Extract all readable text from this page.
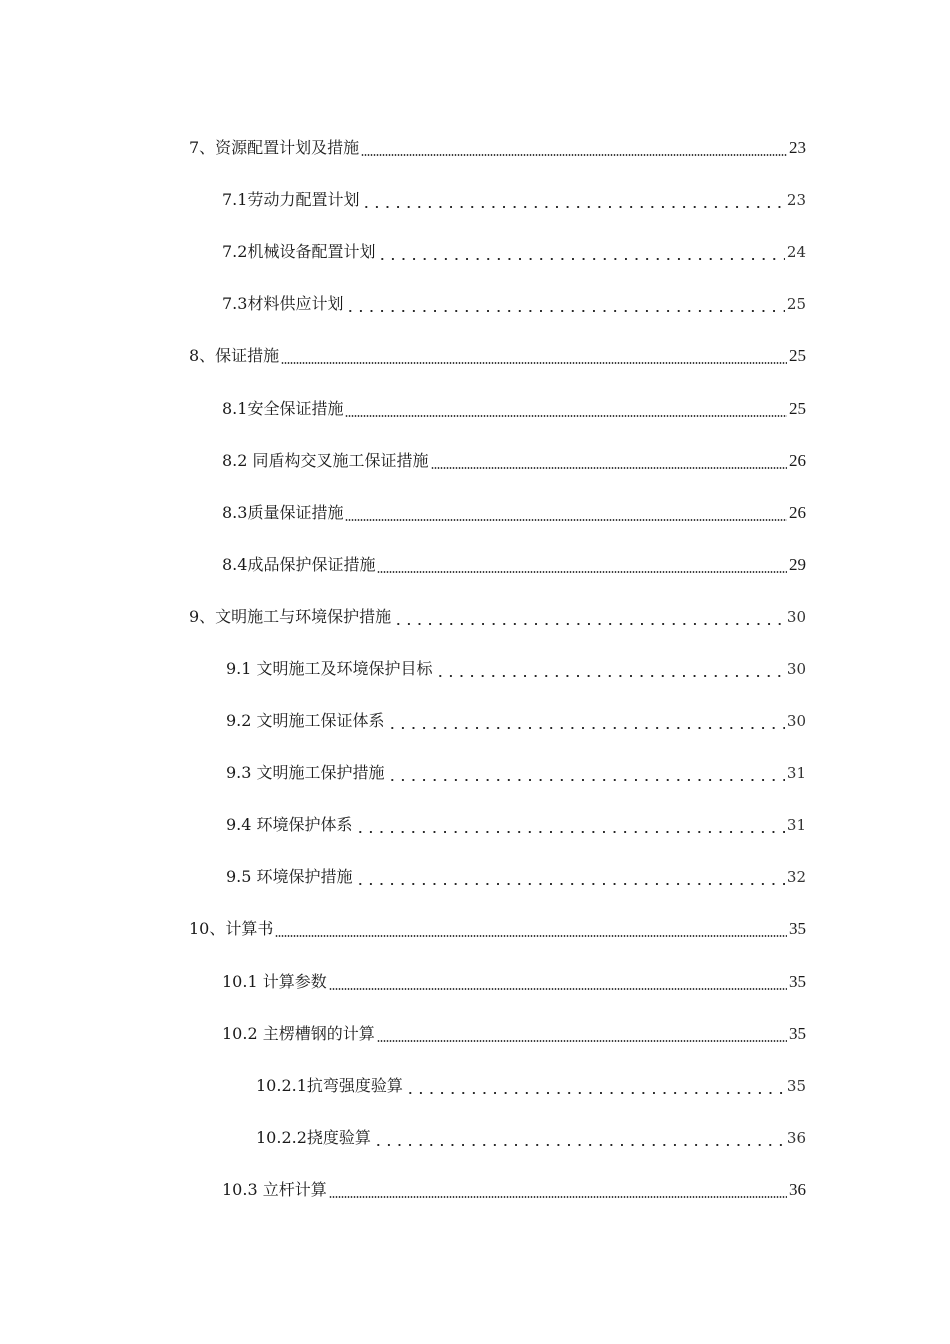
7、资源配置计划及措施	23
7.1劳动力配置计划	23
7.2机械设备配置计划	24
7.3材料供应计划	25
8、保证措施	25
8.1安全保证措施	25
8.2 同盾构交叉施工保证措施	26
8.3质量保证措施	26
8.4成品保护保证措施	29
9、文明施工与环境保护措施	30
9.1 文明施工及环境保护目标	30
9.2 文明施工保证体系	30
9.3 文明施工保护措施	31
9.4 环境保护体系	31
9.5 环境保护措施	32
10、计算书	35
10.1 计算参数	35
10.2 主楞槽钢的计算	35
10.2.1抗弯强度验算	35
10.2.2挠度验算	36
10.3 立杆计算	36
